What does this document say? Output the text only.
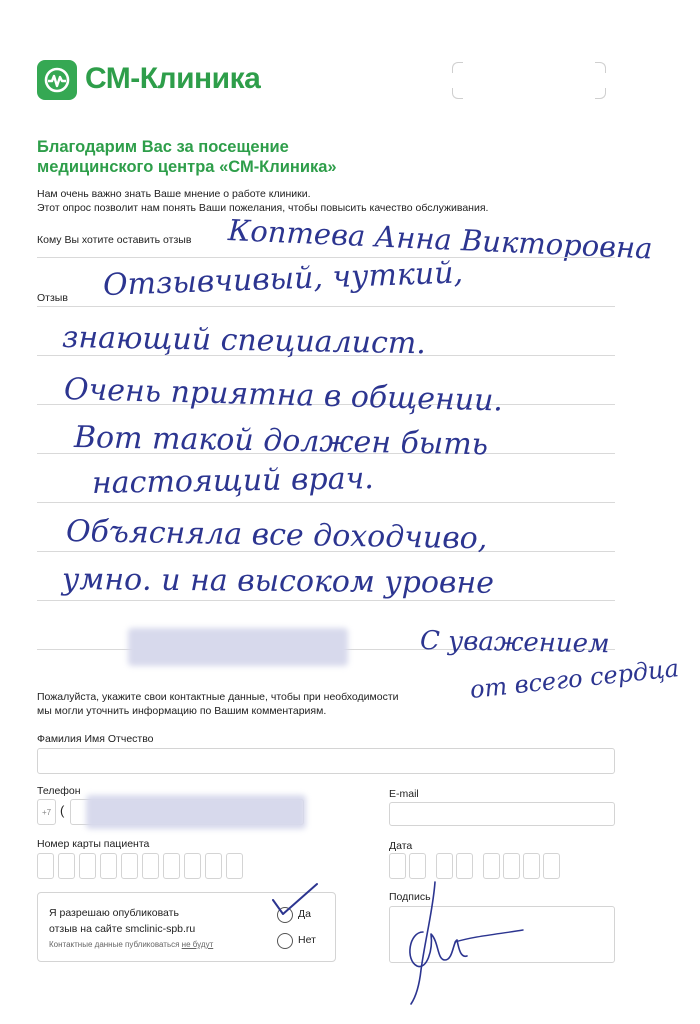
СМ-Клиника
Благодарим Вас за посещение
медицинского центра «СМ-Клиника»
Нам очень важно знать Ваше мнение о работе клиники.
Этот опрос позволит нам понять Ваши пожелания, чтобы повысить качество обслуживания.
Кому Вы хотите оставить отзыв Коптева Анна Викторовна
Отзыв Отзывчивый, чуткий,
знающий специалист.
Очень приятна в общении.
Вот такой должен быть
настоящий врач.
Объясняла все доходчиво,
умно. и на высоком уровне
С уважением
от всего сердца
Пожалуйста, укажите свои контактные данные, чтобы при необходимости
мы могли уточнить информацию по Вашим комментариям.
Фамилия Имя Отчество
Телефон
+7 (
E-mail
Номер карты пациента	Дата
Я разрешаю опубликовать
отзыв на сайте smclinic-spb.ru
Контактные данные публиковаться не будут
Да
Нет
Подпись
